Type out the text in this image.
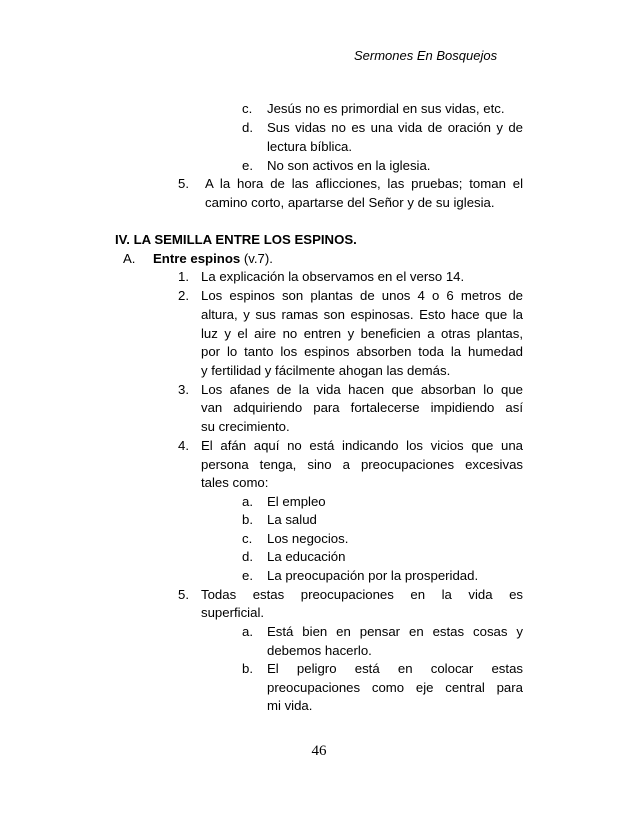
Sermones En Bosquejos
c. Jesús no es primordial en sus vidas, etc.
d. Sus vidas no es una vida de oración y de
lectura bíblica.
e. No son activos en la iglesia.
5. A la hora de las aflicciones, las pruebas; toman el
camino corto, apartarse del Señor y de su iglesia.
IV. LA SEMILLA ENTRE LOS ESPINOS.
A. Entre espinos (v.7).
1. La explicación la observamos en el verso 14.
2. Los espinos son plantas de unos 4 o 6 metros de
altura, y sus ramas son espinosas. Esto hace que la
luz y el aire no entren y beneficien a otras plantas,
por lo tanto los espinos absorben toda la humedad
y fertilidad y fácilmente ahogan las demás.
3. Los afanes de la vida hacen que absorban lo que
van adquiriendo para fortalecerse impidiendo así
su crecimiento.
4. El afán aquí no está indicando los vicios que una
persona tenga, sino a preocupaciones excesivas
tales como:
a. El empleo
b. La salud
c. Los negocios.
d. La educación
e. La preocupación por la prosperidad.
5. Todas estas preocupaciones en la vida es
superficial.
a. Está bien en pensar en estas cosas y
debemos hacerlo.
b. El peligro está en colocar estas
preocupaciones como eje central para
mi vida.
46
